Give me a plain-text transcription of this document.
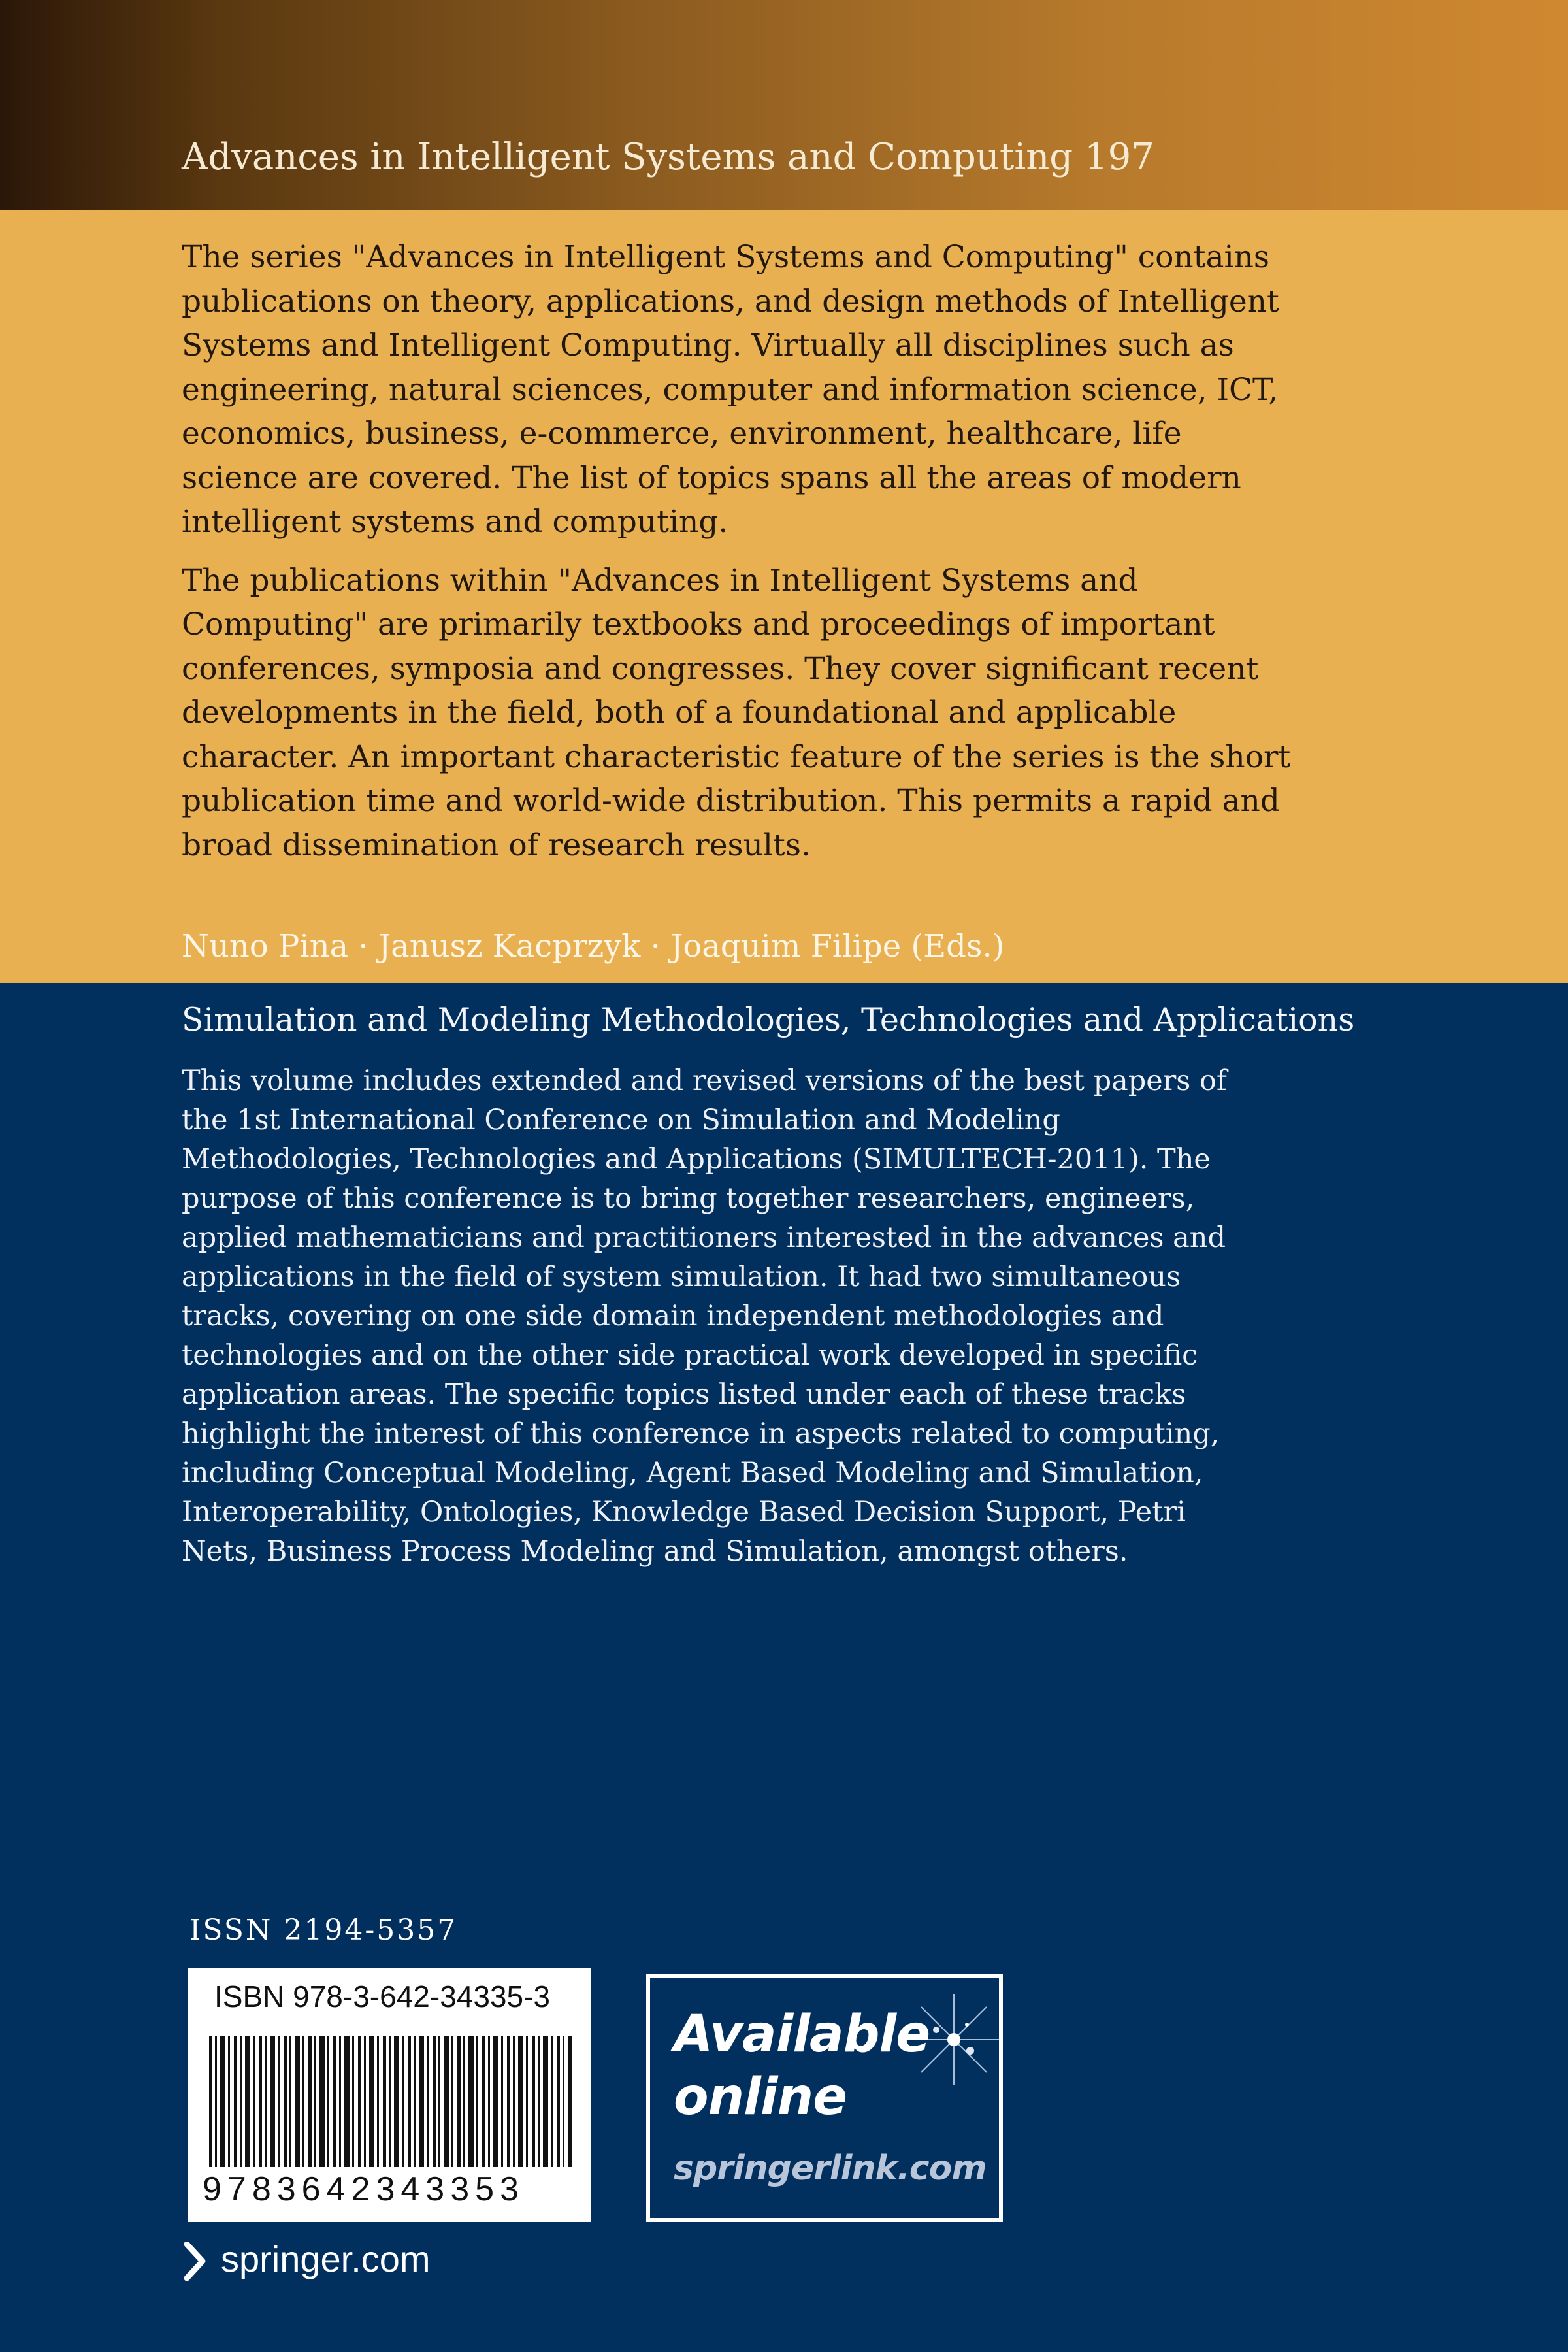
Advances in Intelligent Systems and Computing 197

The series "Advances in Intelligent Systems and Computing" contains publications on theory, applications, and design methods of Intelligent Systems and Intelligent Computing. Virtually all disciplines such as engineering, natural sciences, computer and information science, ICT, economics, business, e-commerce, environment, healthcare, life science are covered. The list of topics spans all the areas of modern intelligent systems and computing.

The publications within "Advances in Intelligent Systems and Computing" are primarily textbooks and proceedings of important conferences, symposia and congresses. They cover significant recent developments in the field, both of a foundational and applicable character. An important characteristic feature of the series is the short publication time and world-wide distribution. This permits a rapid and broad dissemination of research results.

Nuno Pina · Janusz Kacprzyk · Joaquim Filipe (Eds.)
Simulation and Modeling Methodologies, Technologies and Applications
This volume includes extended and revised versions of the best papers of the 1st International Conference on Simulation and Modeling Methodologies, Technologies and Applications (SIMULTECH-2011). The purpose of this conference is to bring together researchers, engineers, applied mathematicians and practitioners interested in the advances and applications in the field of system simulation. It had two simultaneous tracks, covering on one side domain independent methodologies and technologies and on the other side practical work developed in specific application areas. The specific topics listed under each of these tracks highlight the interest of this conference in aspects related to computing, including Conceptual Modeling, Agent Based Modeling and Simulation, Interoperability, Ontologies, Knowledge Based Decision Support, Petri Nets, Business Process Modeling and Simulation, amongst others.
ISSN 2194-5357
ISBN 978-3-642-34335-3
9783642343353
Available
online
springerlink.com
springer.com
